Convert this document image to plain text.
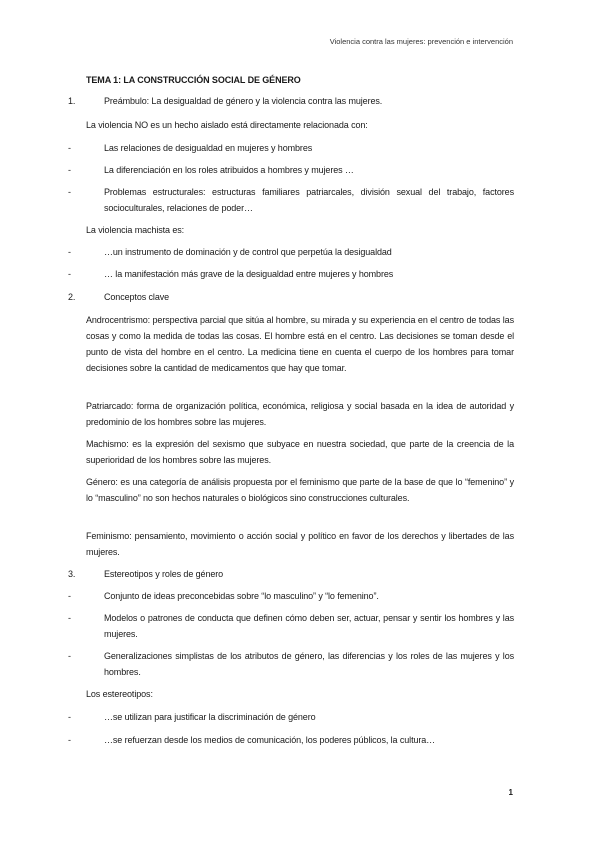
Violencia contra las mujeres: prevención e intervención
TEMA 1: LA CONSTRUCCIÓN SOCIAL DE GÉNERO
1.	Preámbulo: La desigualdad de género y la violencia contra las mujeres.
La violencia NO es un hecho aislado está directamente relacionada con:
-	Las relaciones de desigualdad en mujeres y hombres
-	La diferenciación en los roles atribuidos a hombres y mujeres …
-	Problemas estructurales: estructuras familiares patriarcales, división sexual del trabajo, factores socioculturales, relaciones de poder…
La violencia machista es:
-	…un instrumento de dominación y de control que perpetúa la desigualdad
-	… la manifestación más grave de la desigualdad entre mujeres y hombres
2.	Conceptos clave
Androcentrismo: perspectiva parcial que sitúa al hombre, su mirada y su experiencia en el centro de todas las cosas y como la medida de todas las cosas. El hombre está en el centro. Las decisiones se toman desde el punto de vista del hombre en el centro. La medicina tiene en cuenta el cuerpo de los hombres para tomar decisiones sobre la cantidad de medicamentos que hay que tomar.
Patriarcado: forma de organización política, económica, religiosa y social basada en la idea de autoridad y predominio de los hombres sobre las mujeres.
Machismo: es la expresión del sexismo que subyace en nuestra sociedad, que parte de la creencia de la superioridad de los hombres sobre las mujeres.
Género: es una categoría de análisis propuesta por el feminismo que parte de la base de que lo “femenino” y lo “masculino” no son hechos naturales o biológicos sino construcciones culturales.
Feminismo: pensamiento, movimiento o acción social y político en favor de los derechos y libertades de las mujeres.
3.	Estereotipos y roles de género
-	Conjunto de ideas preconcebidas sobre “lo masculino” y “lo femenino”.
-	Modelos o patrones de conducta que definen cómo deben ser, actuar, pensar y sentir los hombres y las mujeres.
-	Generalizaciones simplistas de los atributos de género, las diferencias y los roles de las mujeres y los hombres.
Los estereotipos:
-	…se utilizan para justificar la discriminación de género
-	…se refuerzan desde los medios de comunicación, los poderes públicos, la cultura…
1
